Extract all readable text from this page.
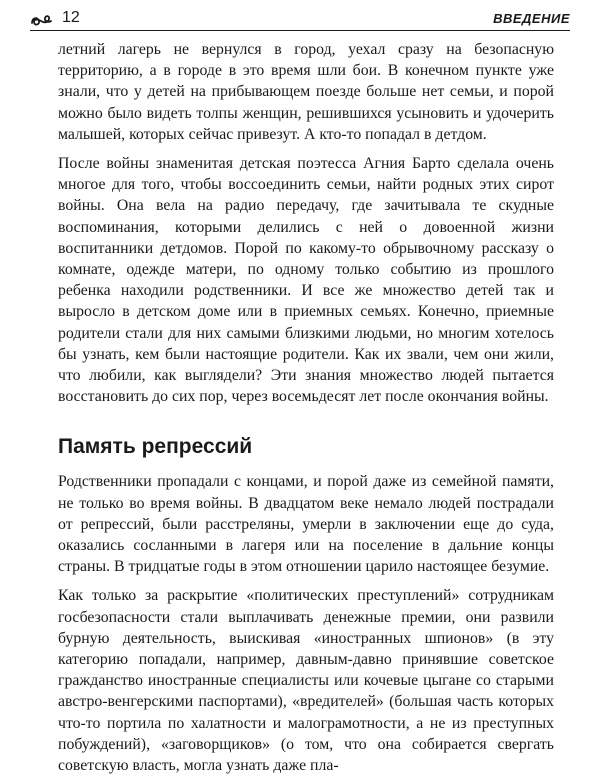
12	ВВЕДЕНИЕ

летний лагерь не вернулся в город, уехал сразу на безопасную территорию, а в городе в это время шли бои. В конечном пункте уже знали, что у детей на прибывающем поезде больше нет семьи, и порой можно было видеть толпы женщин, решившихся усыновить и удочерить малышей, которых сейчас привезут. А кто-то попадал в детдом.

После войны знаменитая детская поэтесса Агния Барто сделала очень многое для того, чтобы воссоединить семьи, найти родных этих сирот войны. Она вела на радио передачу, где зачитывала те скудные воспоминания, которыми делились с ней о довоенной жизни воспитанники детдомов. Порой по какому-то обрывочному рассказу о комнате, одежде матери, по одному только событию из прошлого ребенка находили родственники. И все же множество детей так и выросло в детском доме или в приемных семьях. Конечно, приемные родители стали для них самыми близкими людьми, но многим хотелось бы узнать, кем были настоящие родители. Как их звали, чем они жили, что любили, как выглядели? Эти знания множество людей пытается восстановить до сих пор, через восемьдесят лет после окончания войны.

Память репрессий

Родственники пропадали с концами, и порой даже из семейной памяти, не только во время войны. В двадцатом веке немало людей пострадали от репрессий, были расстреляны, умерли в заключении еще до суда, оказались сосланными в лагеря или на поселение в дальние концы страны. В тридцатые годы в этом отношении царило настоящее безумие.

Как только за раскрытие «политических преступлений» сотрудникам госбезопасности стали выплачивать денежные премии, они развили бурную деятельность, выискивая «иностранных шпионов» (в эту категорию попадали, например, давным-давно принявшие советское гражданство иностранные специалисты или кочевые цыгане со старыми австро-венгерскими паспортами), «вредителей» (большая часть которых что-то портила по халатности и малограмотности, а не из преступных побуждений), «заговорщиков» (о том, что она собирается свергать советскую власть, могла узнать даже пла-
